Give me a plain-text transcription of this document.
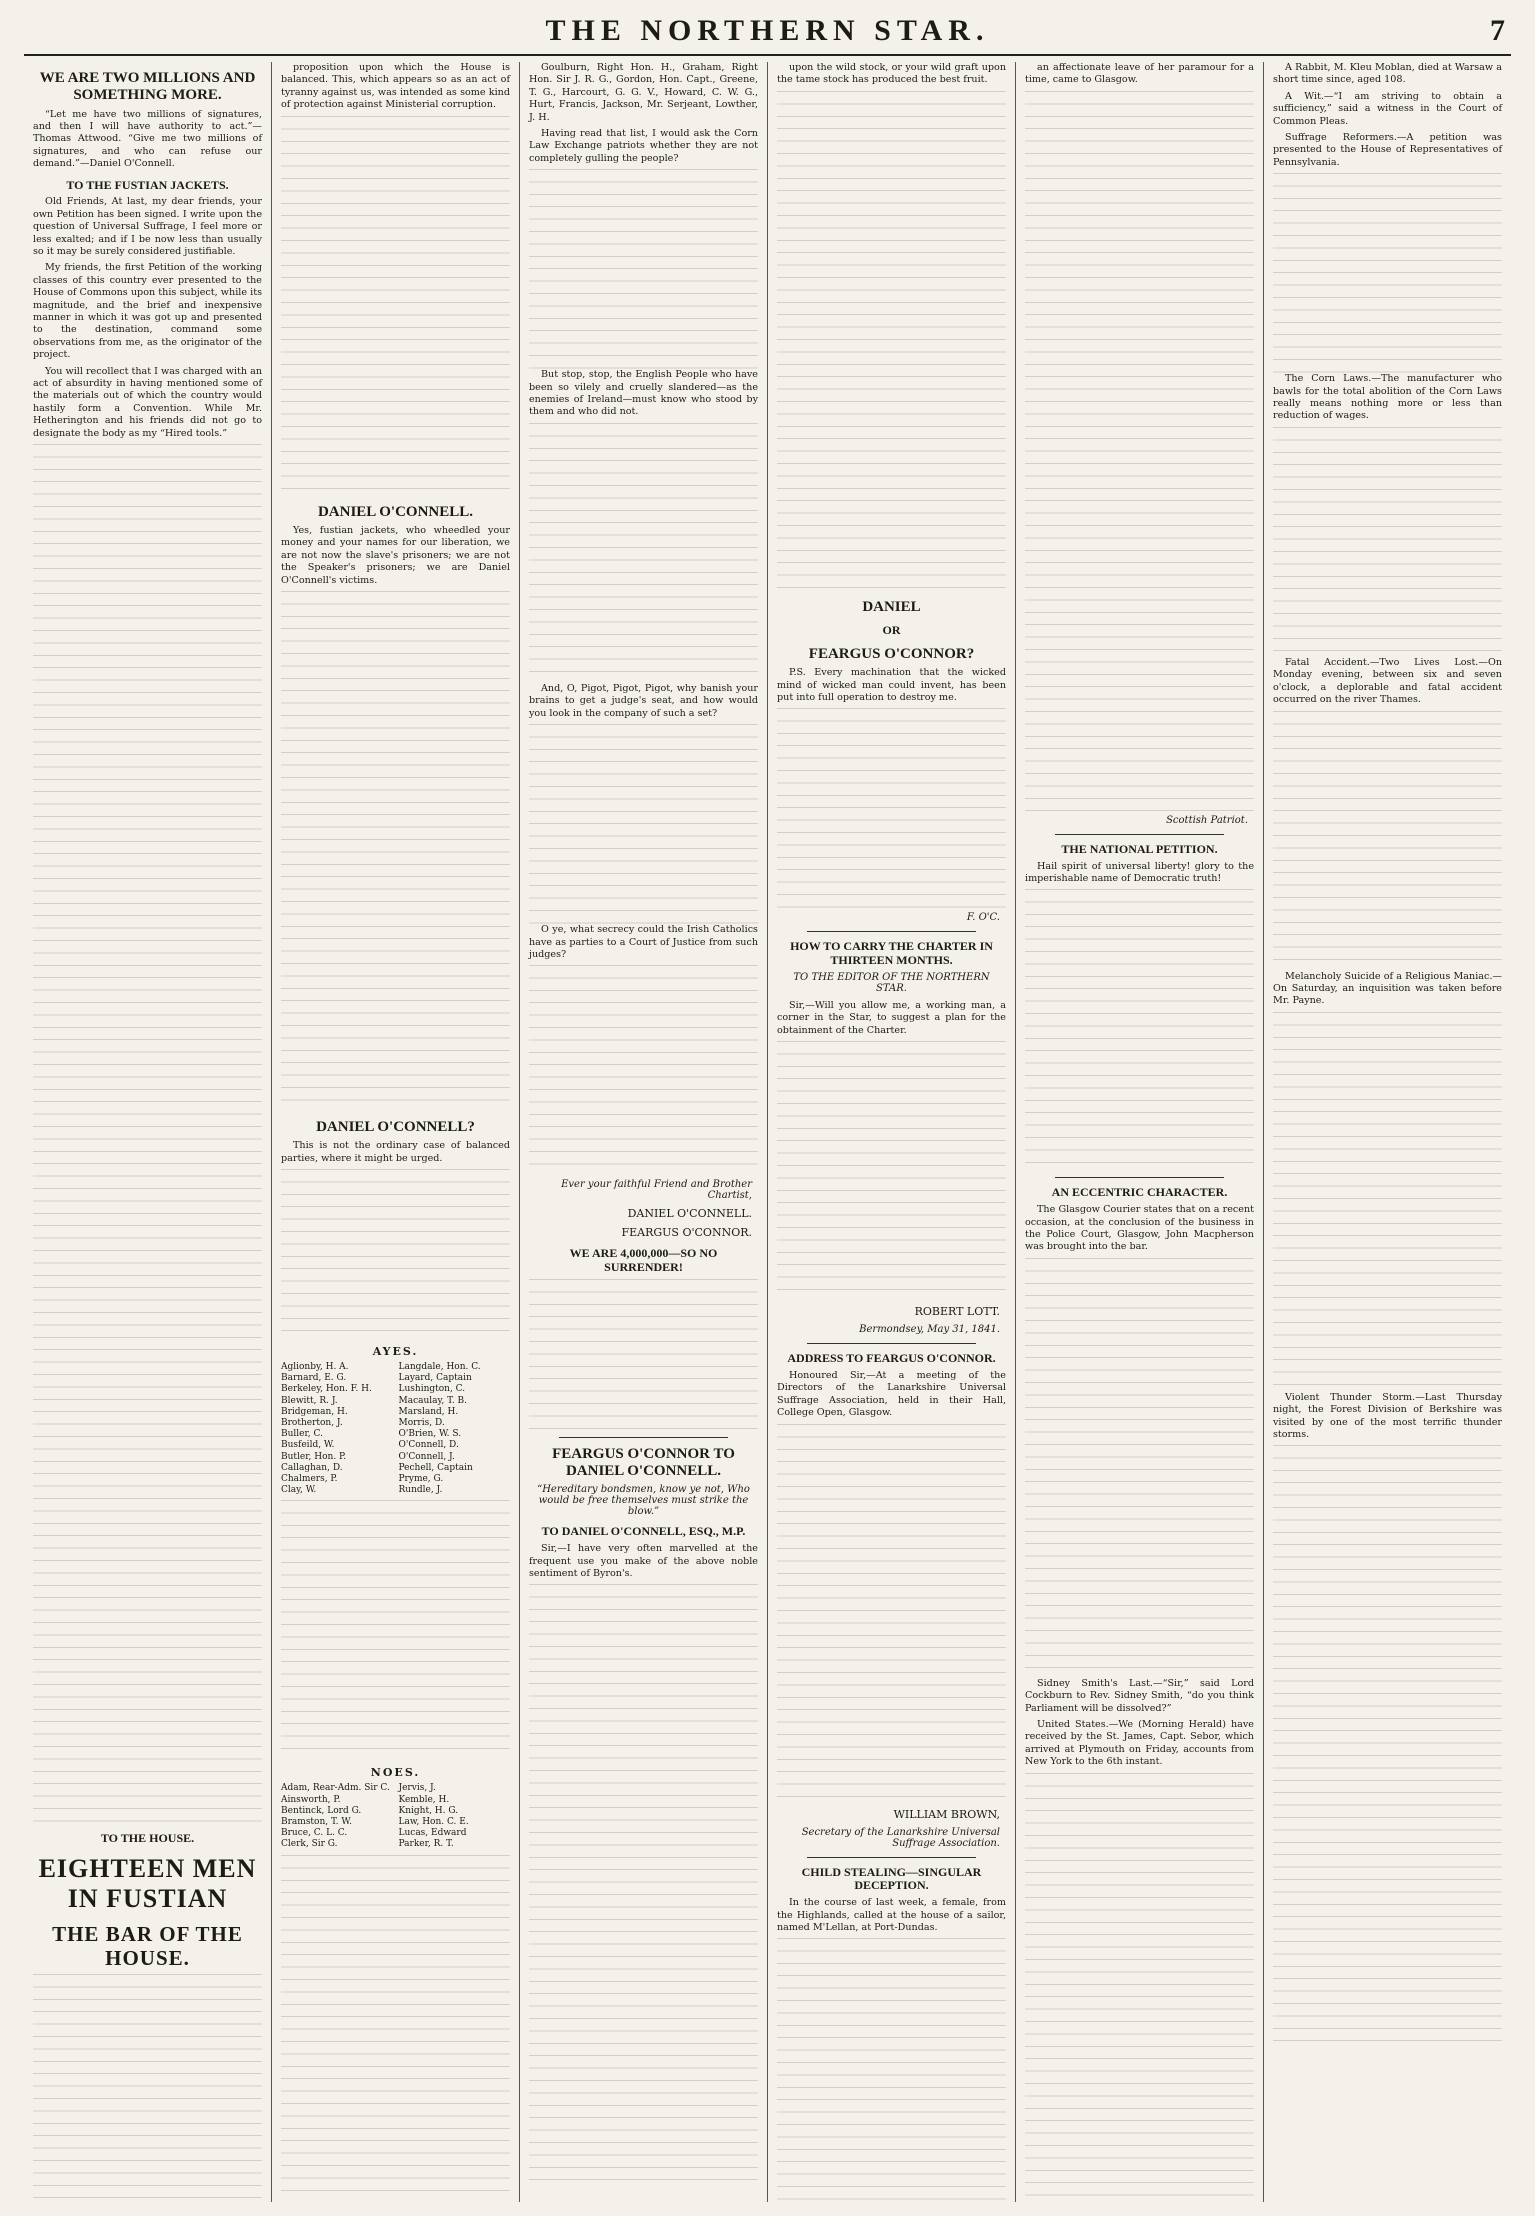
THE NORTHERN STAR.	7
WE ARE TWO MILLIONS AND SOMETHING MORE.

“Let me have two millions of signatures, and then I will have authority to act.”—Thomas Attwood. “Give me two millions of signatures, and who can refuse our demand.”—Daniel O'Connell.

TO THE FUSTIAN JACKETS.

Old Friends, At last, my dear friends, your own Petition has been signed. I write upon the question of Universal Suffrage, I feel more or less exalted; and if I be now less than usually so it may be surely considered justifiable.

My friends, the first Petition of the working classes of this country ever presented to the House of Commons upon this subject, while its magnitude, and the brief and inexpensive manner in which it was got up and presented to the destination, command some observations from me, as the originator of the project.

You will recollect that I was charged with an act of absurdity in having mentioned some of the materials out of which the country would hastily form a Convention. While Mr. Hetherington and his friends did not go to designate the body as my “Hired tools.”

TO THE HOUSE.
EIGHTEEN MEN IN FUSTIAN
THE BAR OF THE HOUSE.

proposition upon which the House is balanced. This, which appears so as an act of tyranny against us, was intended as some kind of protection against Ministerial corruption.

DANIEL O'CONNELL.

Yes, fustian jackets, who wheedled your money and your names for our liberation, we are not now the slave's prisoners; we are not the Speaker's prisoners; we are Daniel O'Connell's victims.

DANIEL O'CONNELL?

This is not the ordinary case of balanced parties, where it might be urged.

AYES.
Aglionby, H. A.
Barnard, E. G.
Berkeley, Hon. F. H.
Blewitt, R. J.
Bridgeman, H.
Brotherton, J.
Buller, C.
Busfeild, W.
Butler, Hon. P.
Callaghan, D.
Chalmers, P.
Clay, W.
Langdale, Hon. C.
Layard, Captain
Lushington, C.
Macaulay, T. B.
Marsland, H.
Morris, D.
O'Brien, W. S.
O'Connell, D.
O'Connell, J.
Pechell, Captain
Pryme, G.
Rundle, J.
NOES.
Adam, Rear-Adm. Sir C.
Ainsworth, P.
Bentinck, Lord G.
Bramston, T. W.
Bruce, C. L. C.
Clerk, Sir G.
Jervis, J.
Kemble, H.
Knight, H. G.
Law, Hon. C. E.
Lucas, Edward
Parker, R. T.

Goulburn, Right Hon. H., Graham, Right Hon. Sir J. R. G., Gordon, Hon. Capt., Greene, T. G., Harcourt, G. G. V., Howard, C. W. G., Hurt, Francis, Jackson, Mr. Serjeant, Lowther, J. H.

Having read that list, I would ask the Corn Law Exchange patriots whether they are not completely gulling the people?

But stop, stop, the English People who have been so vilely and cruelly slandered—as the enemies of Ireland—must know who stood by them and who did not.

And, O, Pigot, Pigot, Pigot, why banish your brains to get a judge's seat, and how would you look in the company of such a set?

O ye, what secrecy could the Irish Catholics have as parties to a Court of Justice from such judges?

Ever your faithful Friend and Brother Chartist,
DANIEL O'CONNELL.
FEARGUS O'CONNOR.
WE ARE 4,000,000—SO NO SURRENDER!
FEARGUS O'CONNOR TO DANIEL O'CONNELL.
“Hereditary bondsmen, know ye not, Who would be free themselves must strike the blow.”
TO DANIEL O'CONNELL, ESQ., M.P.

Sir,—I have very often marvelled at the frequent use you make of the above noble sentiment of Byron's.

upon the wild stock, or your wild graft upon the tame stock has produced the best fruit.

DANIEL
OR
FEARGUS O'CONNOR?

P.S. Every machination that the wicked mind of wicked man could invent, has been put into full operation to destroy me.

F. O'C.
HOW TO CARRY THE CHARTER IN THIRTEEN MONTHS.
TO THE EDITOR OF THE NORTHERN STAR.

Sir,—Will you allow me, a working man, a corner in the Star, to suggest a plan for the obtainment of the Charter.

ROBERT LOTT.
Bermondsey, May 31, 1841.
ADDRESS TO FEARGUS O'CONNOR.

Honoured Sir,—At a meeting of the Directors of the Lanarkshire Universal Suffrage Association, held in their Hall, College Open, Glasgow.

WILLIAM BROWN,
Secretary of the Lanarkshire Universal Suffrage Association.
CHILD STEALING—SINGULAR DECEPTION.

In the course of last week, a female, from the Highlands, called at the house of a sailor, named M'Lellan, at Port-Dundas.

an affectionate leave of her paramour for a time, came to Glasgow.

Scottish Patriot.
THE NATIONAL PETITION.

Hail spirit of universal liberty! glory to the imperishable name of Democratic truth!

AN ECCENTRIC CHARACTER.

The Glasgow Courier states that on a recent occasion, at the conclusion of the business in the Police Court, Glasgow, John Macpherson was brought into the bar.

Sidney Smith's Last.—“Sir,” said Lord Cockburn to Rev. Sidney Smith, “do you think Parliament will be dissolved?”

United States.—We (Morning Herald) have received by the St. James, Capt. Sebor, which arrived at Plymouth on Friday, accounts from New York to the 6th instant.

A Rabbit, M. Kleu Moblan, died at Warsaw a short time since, aged 108.

A Wit.—“I am striving to obtain a sufficiency,” said a witness in the Court of Common Pleas.

Suffrage Reformers.—A petition was presented to the House of Representatives of Pennsylvania.

The Corn Laws.—The manufacturer who bawls for the total abolition of the Corn Laws really means nothing more or less than reduction of wages.

Fatal Accident.—Two Lives Lost.—On Monday evening, between six and seven o'clock, a deplorable and fatal accident occurred on the river Thames.

Melancholy Suicide of a Religious Maniac.—On Saturday, an inquisition was taken before Mr. Payne.

Violent Thunder Storm.—Last Thursday night, the Forest Division of Berkshire was visited by one of the most terrific thunder storms.
